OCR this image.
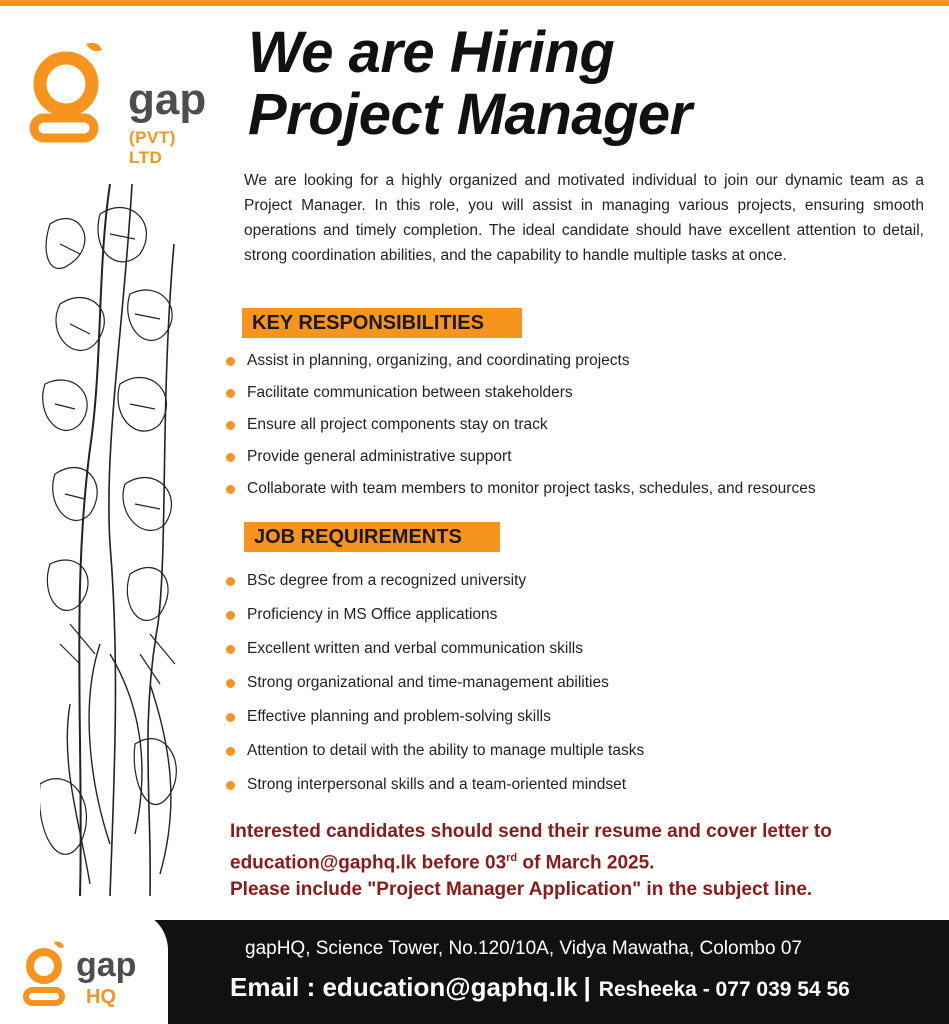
gap
(PVT) LTD
We are Hiring
Project Manager

We are looking for a highly organized and motivated individual to join our dynamic team as a Project Manager. In this role, you will assist in managing various projects, ensuring smooth operations and timely completion. The ideal candidate should have excellent attention to detail, strong coordination abilities, and the capability to handle multiple tasks at once.

KEY RESPONSIBILITIES
Assist in planning, organizing, and coordinating projects
Facilitate communication between stakeholders
Ensure all project components stay on track
Provide general administrative support
Collaborate with team members to monitor project tasks, schedules, and resources
JOB REQUIREMENTS
BSc degree from a recognized university
Proficiency in MS Office applications
Excellent written and verbal communication skills
Strong organizational and time-management abilities
Effective planning and problem-solving skills
Attention to detail with the ability to manage multiple tasks
Strong interpersonal skills and a team-oriented mindset
Interested candidates should send their resume and cover letter to
education@gaphq.lk before 03rd of March 2025.
Please include "Project Manager Application" in the subject line.
gap
HQ
gapHQ, Science Tower, No.120/10A, Vidya Mawatha, Colombo 07
Email : education@gaphq.lk | Resheeka - 077 039 54 56
